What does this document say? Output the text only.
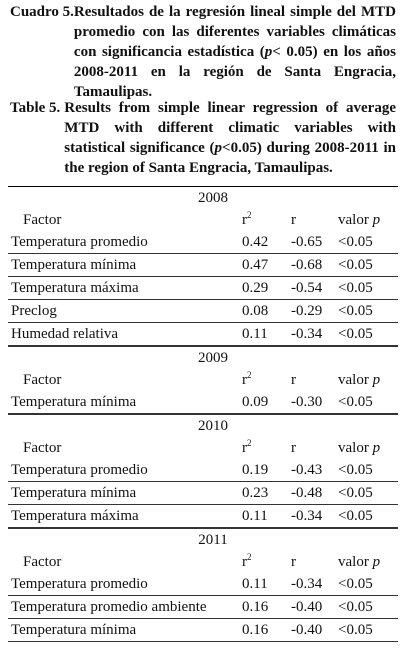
Cuadro 5. Resultados de la regresión lineal simple del MTD promedio con las diferentes variables climáticas con significancia estadística (p< 0.05) en los años 2008-2011 en la región de Santa Engracia, Tamaulipas.
Table 5. Results from simple linear regression of average MTD with different climatic variables with statistical significance (p<0.05) during 2008-2011 in the region of Santa Engracia, Tamaulipas.
2008
Factor	$r^2$	r	valor p
Temperatura promedio	0.42 -0.65 <0.05
Temperatura mínima	0.47 -0.68 <0.05
Temperatura máxima	0.29 -0.54 <0.05
Preclog	0.08 -0.29 <0.05
Humedad relativa	0.11 -0.34 <0.05
2009
Factor	$r^2$	r	valor p
Temperatura mínima	0.09 -0.30 <0.05
2010
Factor	$r^2$	r	valor p
Temperatura promedio	0.19 -0.43 <0.05
Temperatura mínima	0.23 -0.48 <0.05
Temperatura máxima	0.11 -0.34 <0.05
2011
Factor	$r^2$	r	valor p
Temperatura promedio	0.11 -0.34 <0.05
Temperatura promedio ambiente 0.16 -0.40 <0.05
Temperatura mínima	0.16 -0.40 <0.05
